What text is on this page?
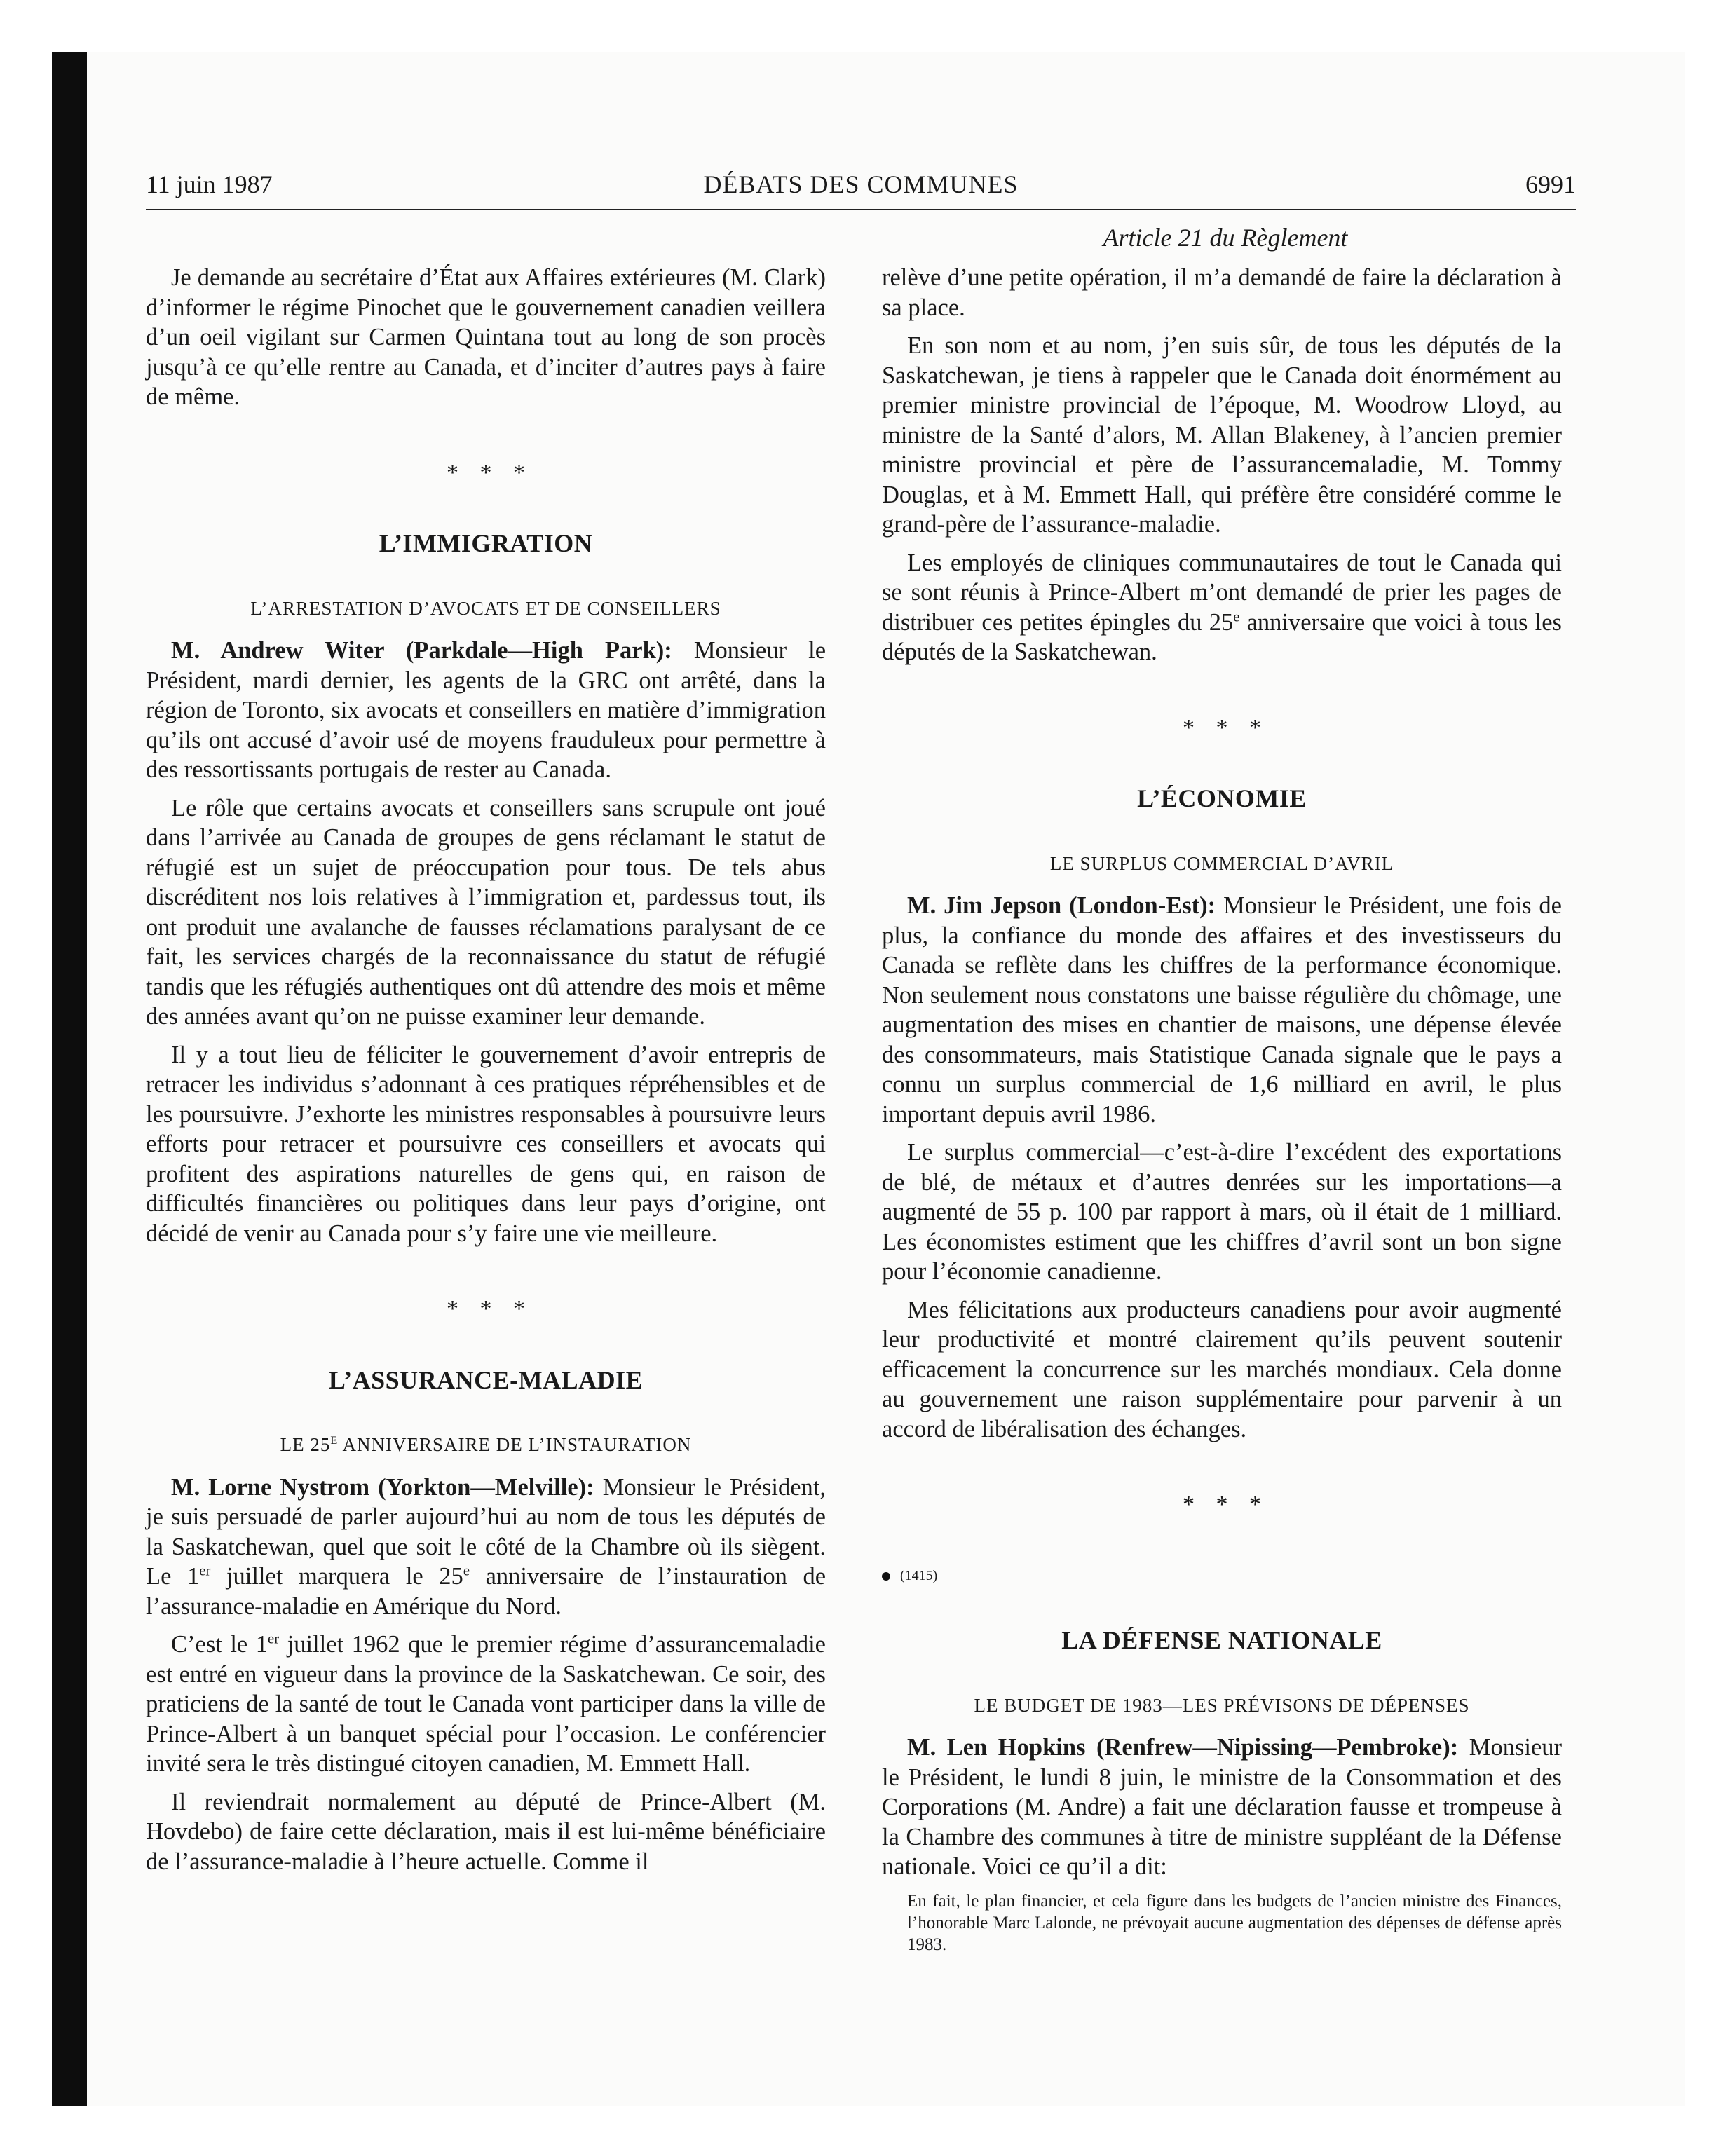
11 juin 1987	DÉBATS DES COMMUNES	6991
Article 21 du Règlement

Je demande au secrétaire d’État aux Affaires extérieures (M. Clark) d’informer le régime Pinochet que le gouvernement canadien veillera d’un oeil vigilant sur Carmen Quintana tout au long de son procès jusqu’à ce qu’elle rentre au Canada, et d’inciter d’autres pays à faire de même.

* * *
L’IMMIGRATION
L’ARRESTATION D’AVOCATS ET DE CONSEILLERS

M. Andrew Witer (Parkdale—High Park): Monsieur le Président, mardi dernier, les agents de la GRC ont arrêté, dans la région de Toronto, six avocats et conseillers en matière d’immigration qu’ils ont accusé d’avoir usé de moyens frauduleux pour permettre à des ressortissants portugais de rester au Canada.

Le rôle que certains avocats et conseillers sans scrupule ont joué dans l’arrivée au Canada de groupes de gens réclamant le statut de réfugié est un sujet de préoccupation pour tous. De tels abus discréditent nos lois relatives à l’immigration et, pardessus tout, ils ont produit une avalanche de fausses réclamations paralysant de ce fait, les services chargés de la reconnaissance du statut de réfugié tandis que les réfugiés authentiques ont dû attendre des mois et même des années avant qu’on ne puisse examiner leur demande.

Il y a tout lieu de féliciter le gouvernement d’avoir entrepris de retracer les individus s’adonnant à ces pratiques répréhensibles et de les poursuivre. J’exhorte les ministres responsables à poursuivre leurs efforts pour retracer et poursuivre ces conseillers et avocats qui profitent des aspirations naturelles de gens qui, en raison de difficultés financières ou politiques dans leur pays d’origine, ont décidé de venir au Canada pour s’y faire une vie meilleure.

* * *
L’ASSURANCE-MALADIE
LE $25^E$ ANNIVERSAIRE DE L’INSTAURATION

M. Lorne Nystrom (Yorkton—Melville): Monsieur le Président, je suis persuadé de parler aujourd’hui au nom de tous les députés de la Saskatchewan, quel que soit le côté de la Chambre où ils siègent. Le 1er juillet marquera le 25e anniversaire de l’instauration de l’assurance-maladie en Amérique du Nord.

C’est le 1er juillet 1962 que le premier régime d’assurancemaladie est entré en vigueur dans la province de la Saskatchewan. Ce soir, des praticiens de la santé de tout le Canada vont participer dans la ville de Prince-Albert à un banquet spécial pour l’occasion. Le conférencier invité sera le très distingué citoyen canadien, M. Emmett Hall.

Il reviendrait normalement au député de Prince-Albert (M. Hovdebo) de faire cette déclaration, mais il est lui-même bénéficiaire de l’assurance-maladie à l’heure actuelle. Comme il

relève d’une petite opération, il m’a demandé de faire la déclaration à sa place.

En son nom et au nom, j’en suis sûr, de tous les députés de la Saskatchewan, je tiens à rappeler que le Canada doit énormément au premier ministre provincial de l’époque, M. Woodrow Lloyd, au ministre de la Santé d’alors, M. Allan Blakeney, à l’ancien premier ministre provincial et père de l’assurancemaladie, M. Tommy Douglas, et à M. Emmett Hall, qui préfère être considéré comme le grand-père de l’assurance-maladie.

Les employés de cliniques communautaires de tout le Canada qui se sont réunis à Prince-Albert m’ont demandé de prier les pages de distribuer ces petites épingles du 25e anniversaire que voici à tous les députés de la Saskatchewan.

* * *
L’ÉCONOMIE
LE SURPLUS COMMERCIAL D’AVRIL

M. Jim Jepson (London-Est): Monsieur le Président, une fois de plus, la confiance du monde des affaires et des investisseurs du Canada se reflète dans les chiffres de la performance économique. Non seulement nous constatons une baisse régulière du chômage, une augmentation des mises en chantier de maisons, une dépense élevée des consommateurs, mais Statistique Canada signale que le pays a connu un surplus commercial de 1,6 milliard en avril, le plus important depuis avril 1986.

Le surplus commercial—c’est-à-dire l’excédent des exportations de blé, de métaux et d’autres denrées sur les importations—a augmenté de 55 p. 100 par rapport à mars, où il était de 1 milliard. Les économistes estiment que les chiffres d’avril sont un bon signe pour l’économie canadienne.

Mes félicitations aux producteurs canadiens pour avoir augmenté leur productivité et montré clairement qu’ils peuvent soutenir efficacement la concurrence sur les marchés mondiaux. Cela donne au gouvernement une raison supplémentaire pour parvenir à un accord de libéralisation des échanges.

* * *
(1415)
LA DÉFENSE NATIONALE
LE BUDGET DE 1983—LES PRÉVISONS DE DÉPENSES

M. Len Hopkins (Renfrew—Nipissing—Pembroke): Monsieur le Président, le lundi 8 juin, le ministre de la Consommation et des Corporations (M. Andre) a fait une déclaration fausse et trompeuse à la Chambre des communes à titre de ministre suppléant de la Défense nationale. Voici ce qu’il a dit:

En fait, le plan financier, et cela figure dans les budgets de l’ancien ministre des Finances, l’honorable Marc Lalonde, ne prévoyait aucune augmentation des dépenses de défense après 1983.
